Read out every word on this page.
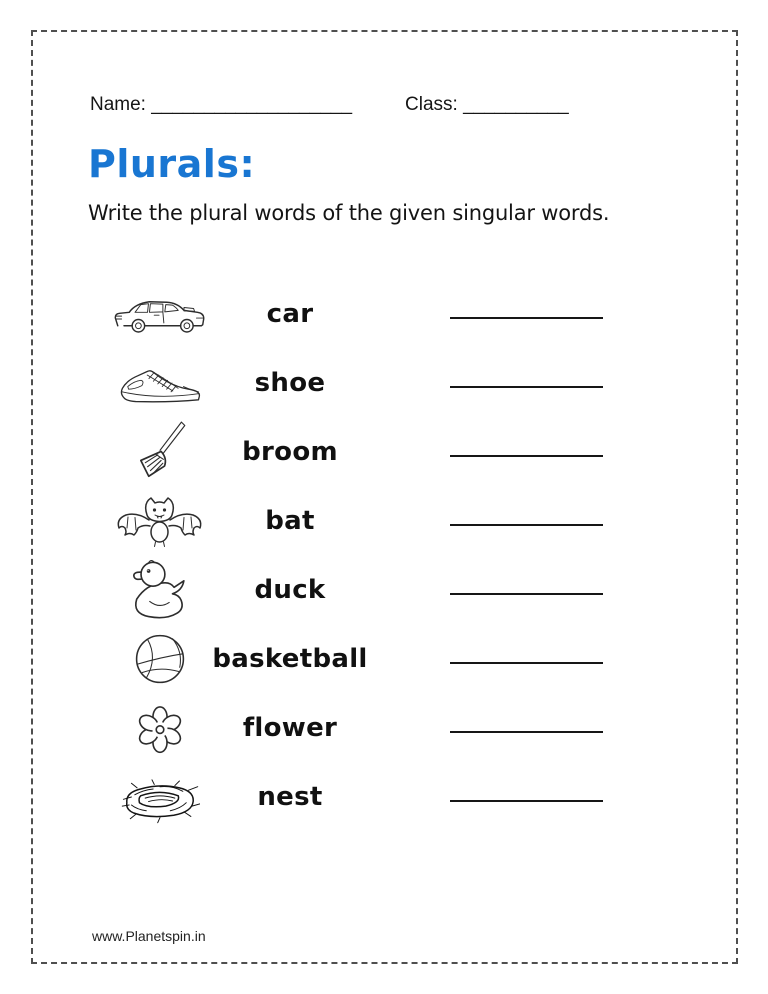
Name: ___________________	Class: __________
Plurals:
Write the plural words of the given singular words.
car
shoe
broom
bat
duck
basketball
flower
nest
www.Planetspin.in
